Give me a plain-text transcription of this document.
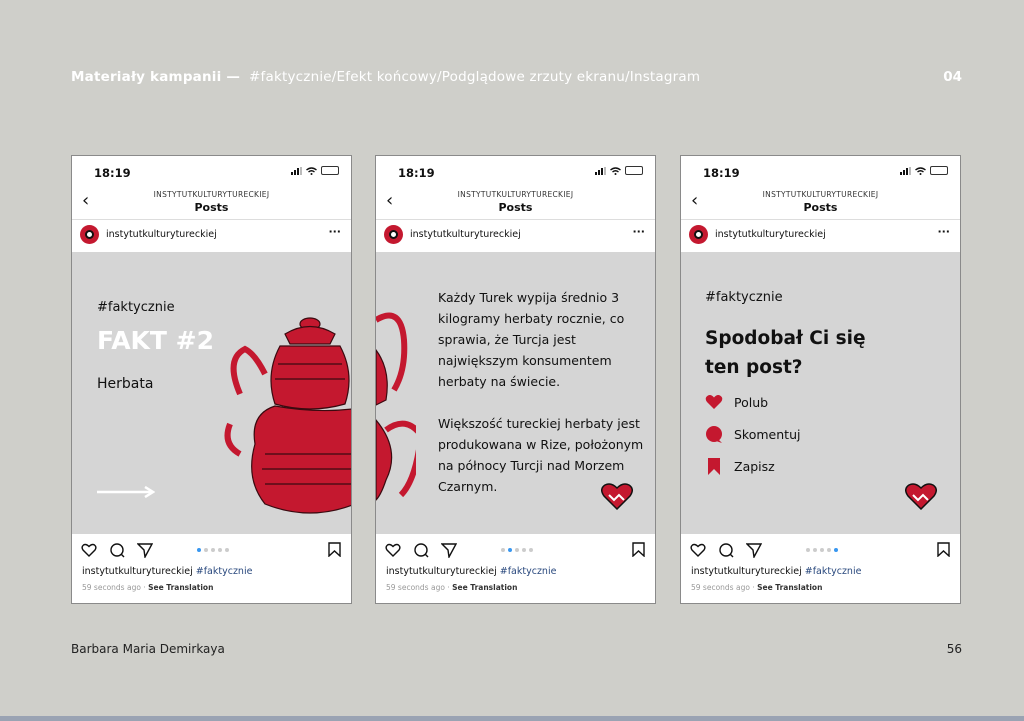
Materiały kampanii — #faktycznie/Efekt końcowy/Podglądowe zrzuty ekranu/Instagram	04
18:19
‹	INSTYTUTKULTURYTURECKIEJ
Posts
instytutkulturytureckiej	···
#faktycznie
FAKT #2
Herbata
instytutkulturytureckiej #faktycznie
59 seconds ago · See Translation
18:19
‹	INSTYTUTKULTURYTURECKIEJ
Posts
instytutkulturytureckiej	···
Każdy Turek wypija średnio 3 kilogramy herbaty rocznie, co sprawia, że Turcja jest największym konsumentem herbaty na świecie.
Większość tureckiej herbaty jest produkowana w Rize, położonym na północy Turcji nad Morzem Czarnym.
instytutkulturytureckiej #faktycznie
59 seconds ago · See Translation
18:19
‹	INSTYTUTKULTURYTURECKIEJ
Posts
instytutkulturytureckiej	···
#faktycznie
Spodobał Ci się
ten post?
Polub
Skomentuj
Zapisz
instytutkulturytureckiej #faktycznie
59 seconds ago · See Translation
Barbara Maria Demirkaya	56
